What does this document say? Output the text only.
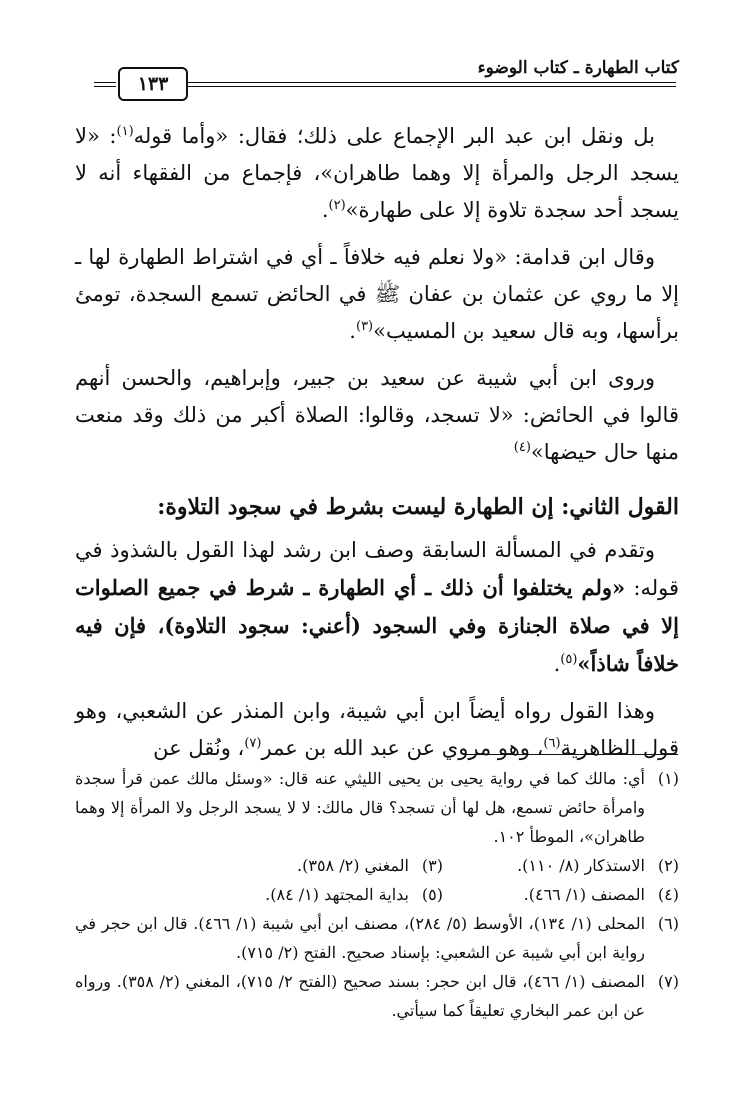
كتاب الطهارة ـ كتاب الوضوء
١٣٣

بل ونقل ابن عبد البر الإجماع على ذلك؛ فقال: «وأما قوله$^{(١)}$: «لا يسجد الرجل والمرأة إلا وهما طاهران»، فإجماع من الفقهاء أنه لا يسجد أحد سجدة تلاوة إلا على طهارة»$^{(٢)}$.

وقال ابن قدامة: «ولا نعلم فيه خلافاً ـ أي في اشتراط الطهارة لها ـ إلا ما روي عن عثمان بن عفان ﷺ في الحائض تسمع السجدة، تومئ برأسها، وبه قال سعيد بن المسيب»$^{(٣)}$.

وروى ابن أبي شيبة عن سعيد بن جبير، وإبراهيم، والحسن أنهم قالوا في الحائض: «لا تسجد، وقالوا: الصلاة أكبر من ذلك وقد منعت منها حال حيضها»$^{(٤)}$

القول الثاني: إن الطهارة ليست بشرط في سجود التلاوة:

وتقدم في المسألة السابقة وصف ابن رشد لهذا القول بالشذوذ في قوله: «ولم يختلفوا أن ذلك ـ أي الطهارة ـ شرط في جميع الصلوات إلا في صلاة الجنازة وفي السجود (أعني: سجود التلاوة)، فإن فيه خلافاً شاذاً»$^{(٥)}$.

وهذا القول رواه أيضاً ابن أبي شيبة، وابن المنذر عن الشعبي، وهو قول الظاهرية$^{(٦)}$، وهو مروي عن عبد الله بن عمر$^{(٧)}$، ونُقل عن

(١)
أي: مالك كما في رواية يحيى بن يحيى الليثي عنه قال: «وسئل مالك عمن قرأ سجدة وامرأة حائض تسمع، هل لها أن تسجد؟ قال مالك: لا لا يسجد الرجل ولا المرأة إلا وهما طاهران»، الموطأ ١٠٢.

(٢)الاستذكار (٨/ ١١٠).
(٣)المغني (٢/ ٣٥٨).
(٤)المصنف (١/ ٤٦٦).
(٥)بداية المجتهد (١/ ٨٤).

(٦)
المحلى (١/ ١٣٤)، الأوسط (٥/ ٢٨٤)، مصنف ابن أبي شيبة (١/ ٤٦٦). قال ابن حجر في رواية ابن أبي شيبة عن الشعبي: بإسناد صحيح. الفتح (٢/ ٧١٥).

(٧)
المصنف (١/ ٤٦٦)، قال ابن حجر: بسند صحيح (الفتح ٢/ ٧١٥)، المغني (٢/ ٣٥٨). ورواه عن ابن عمر البخاري تعليقاً كما سيأتي.
